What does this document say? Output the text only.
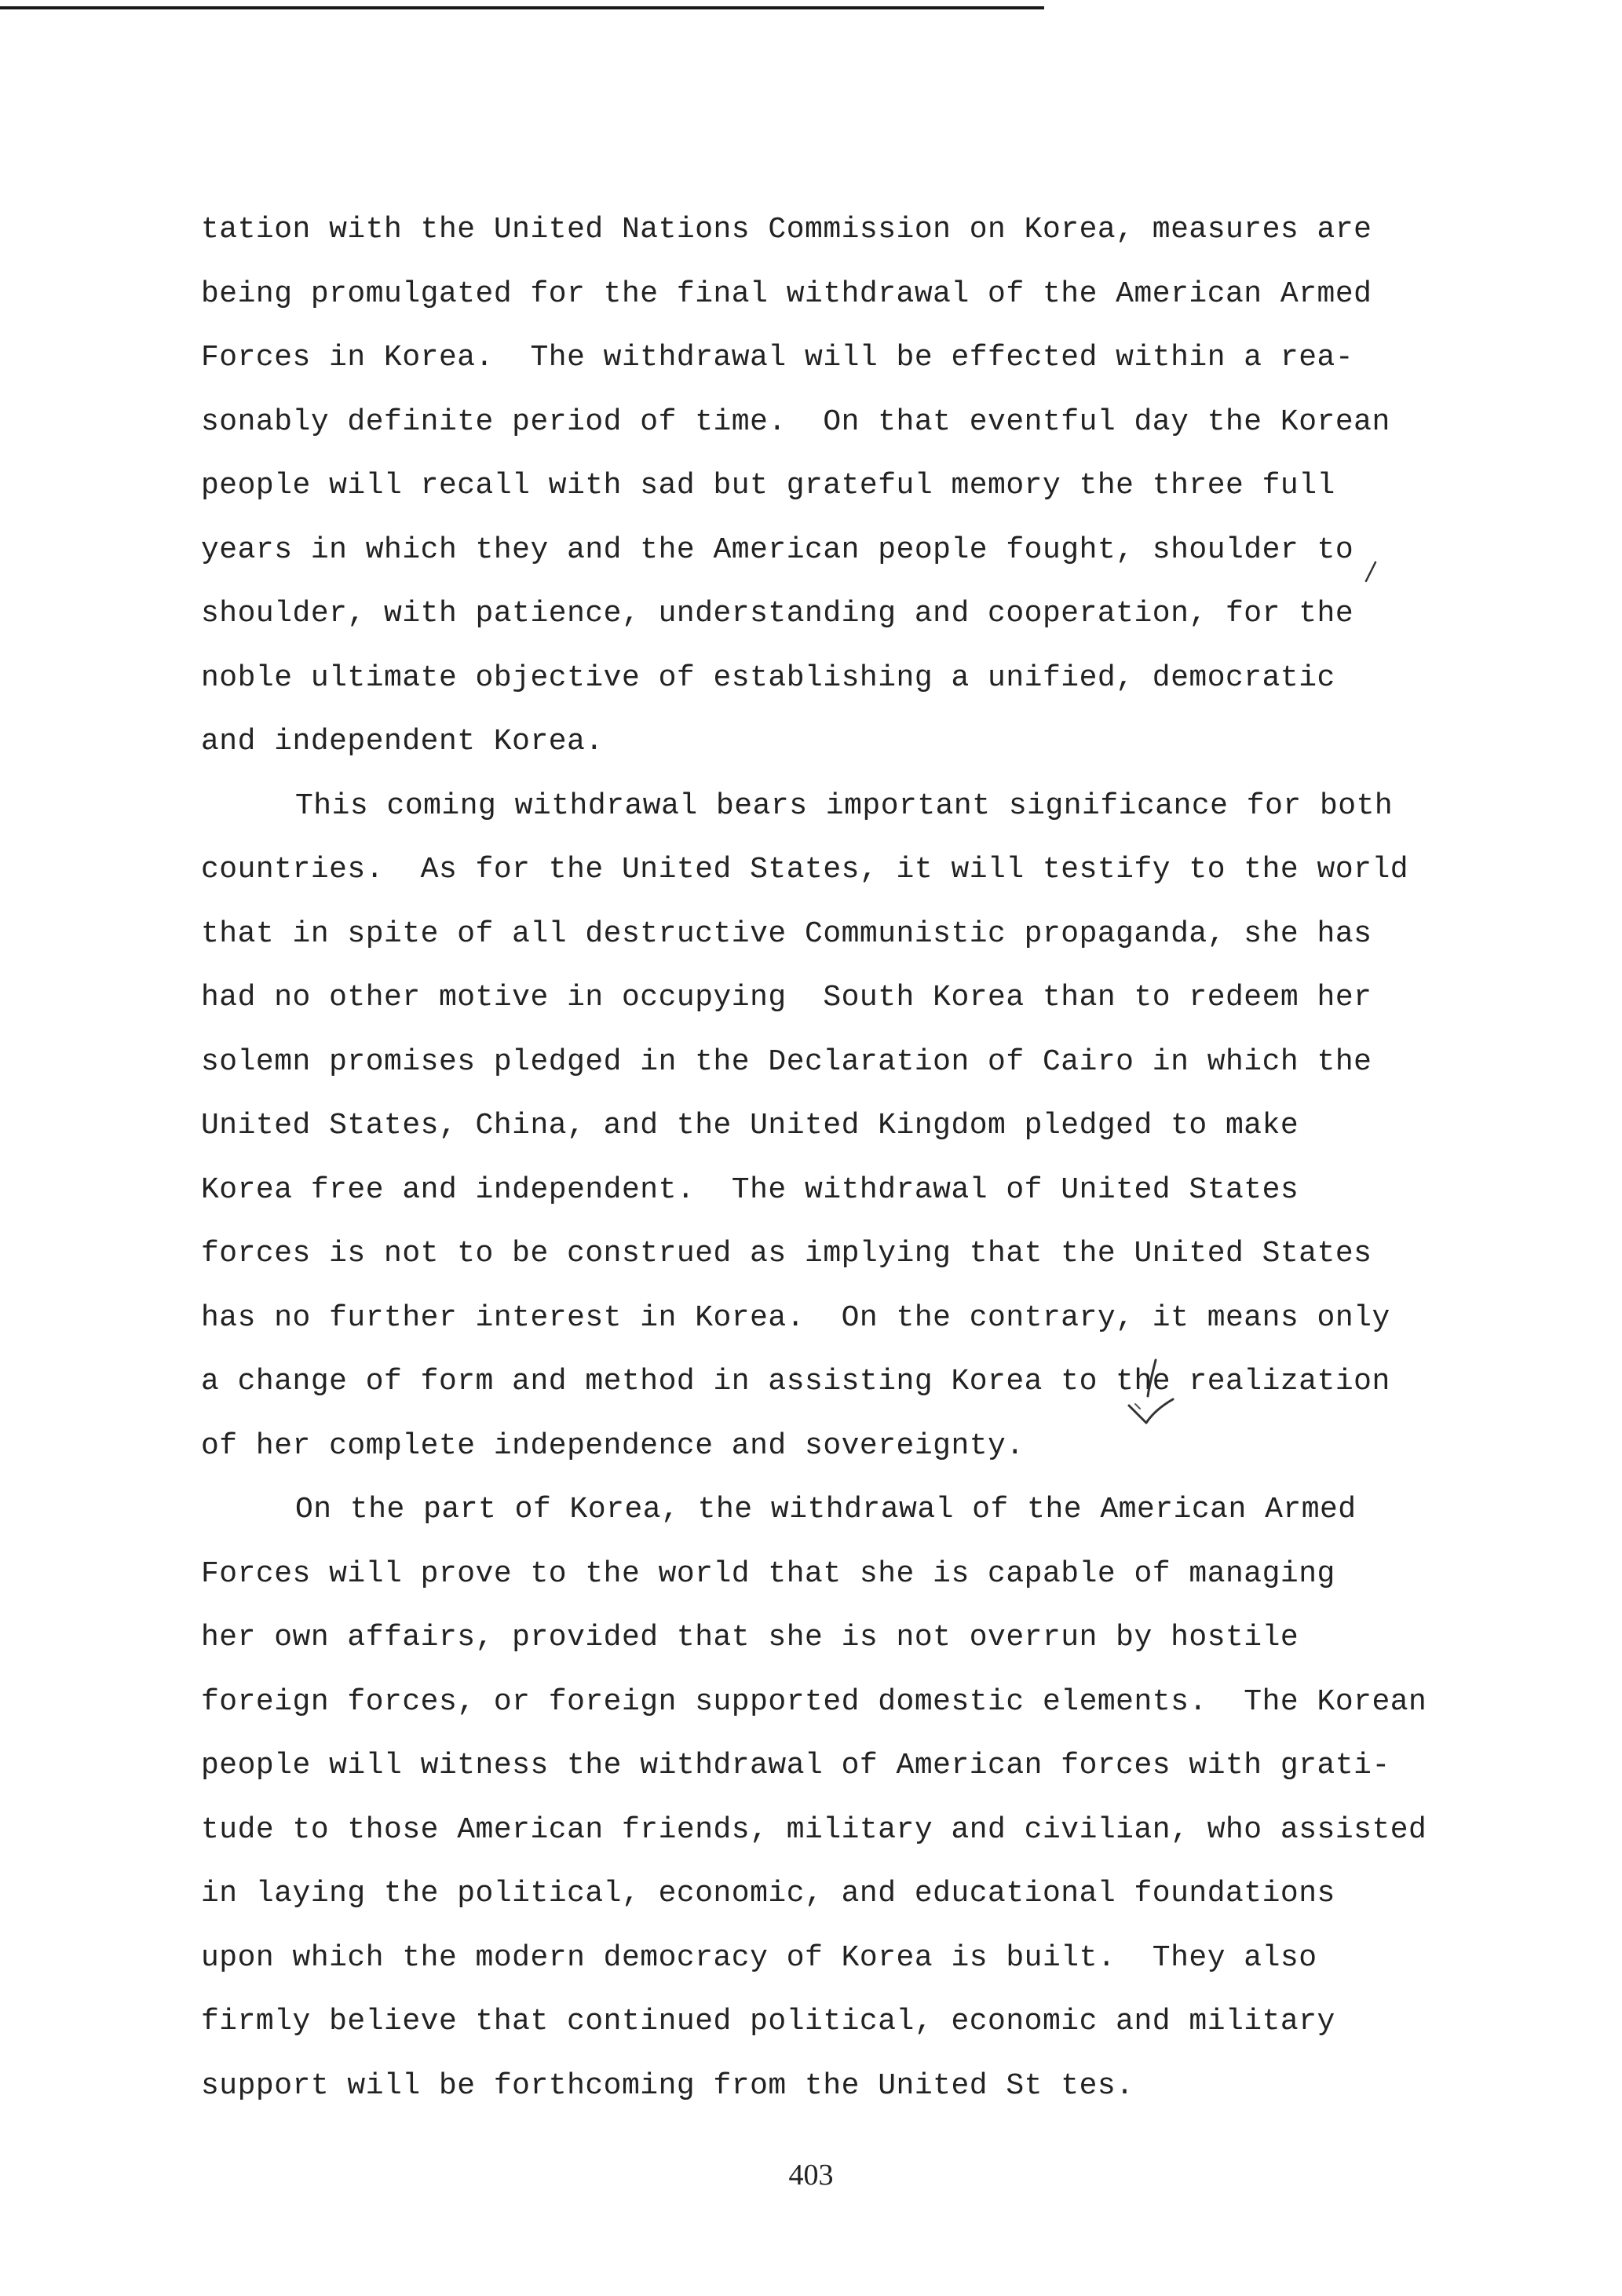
tation with the United Nations Commission on Korea, measures are
being promulgated for the final withdrawal of the American Armed
Forces in Korea.  The withdrawal will be effected within a rea-
sonably definite period of time.  On that eventful day the Korean
people will recall with sad but grateful memory the three full
years in which they and the American people fought, shoulder to
shoulder, with patience, understanding and cooperation, for the
noble ultimate objective of establishing a unified, democratic
and independent Korea.
This coming withdrawal bears important significance for both
countries.  As for the United States, it will testify to the world
that in spite of all destructive Communistic propaganda, she has
had no other motive in occupying  South Korea than to redeem her
solemn promises pledged in the Declaration of Cairo in which the
United States, China, and the United Kingdom pledged to make
Korea free and independent.  The withdrawal of United States
forces is not to be construed as implying that the United States
has no further interest in Korea.  On the contrary, it means only
a change of form and method in assisting Korea to the realization
of her complete independence and sovereignty.
On the part of Korea, the withdrawal of the American Armed
Forces will prove to the world that she is capable of managing
her own affairs, provided that she is not overrun by hostile
foreign forces, or foreign supported domestic elements.  The Korean
people will witness the withdrawal of American forces with grati-
tude to those American friends, military and civilian, who assisted
in laying the political, economic, and educational foundations
upon which the modern democracy of Korea is built.  They also
firmly believe that continued political, economic and military
support will be forthcoming from the United St tes.
403
